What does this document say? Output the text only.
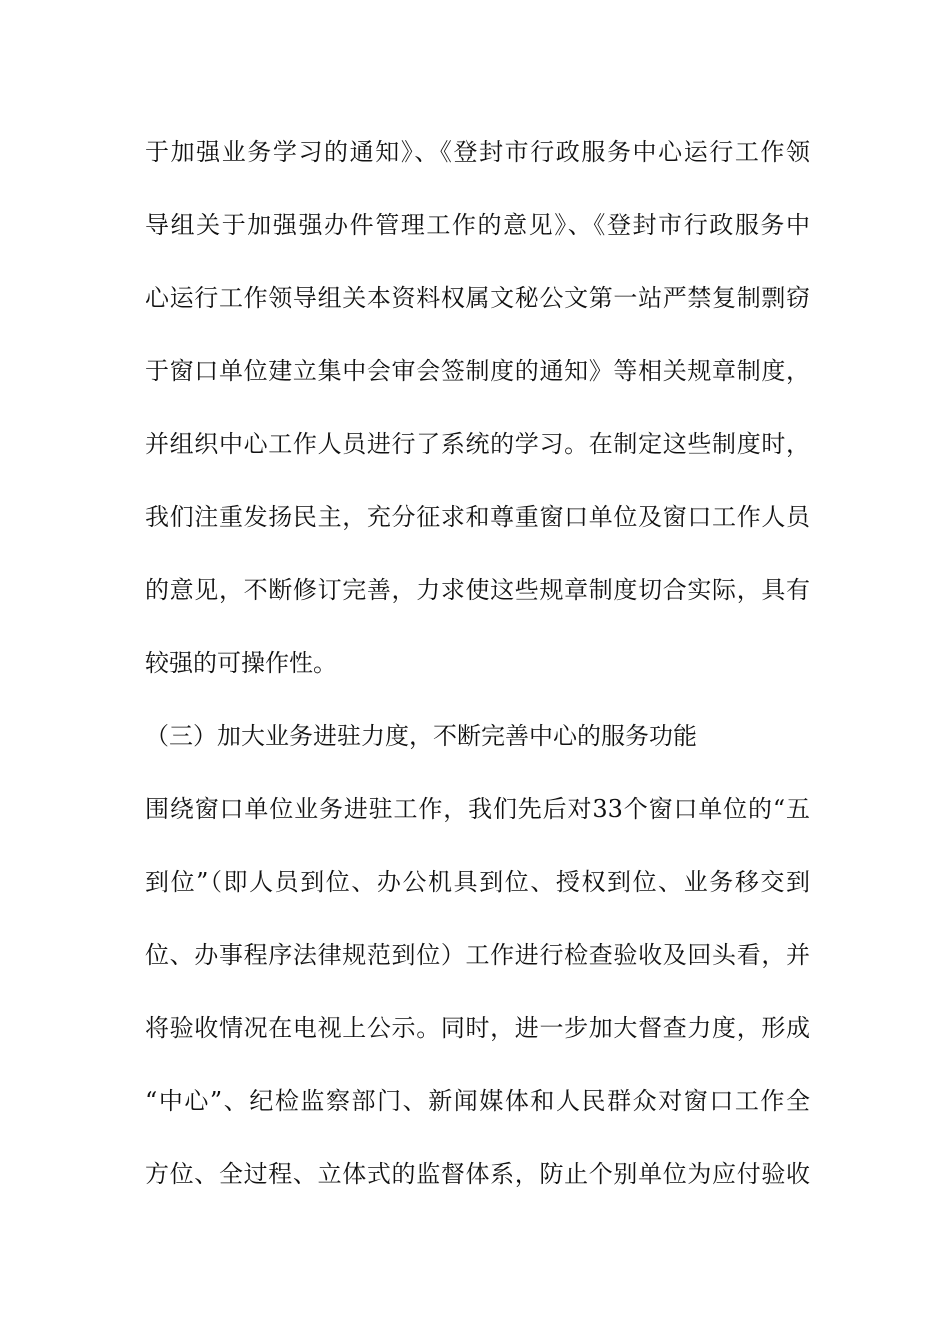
于加强业务学习的通知》、《登封市行政服务中心运行工作领
导组关于加强强办件管理工作的意见》、《登封市行政服务中
心运行工作领导组关本资料权属文秘公文第一站严禁复制剽窃
于窗口单位建立集中会审会签制度的通知》等相关规章制度，
并组织中心工作人员进行了系统的学习。在制定这些制度时，
我们注重发扬民主，充分征求和尊重窗口单位及窗口工作人员
的意见，不断修订完善，力求使这些规章制度切合实际，具有
较强的可操作性。
（三）加大业务进驻力度，不断完善中心的服务功能
围绕窗口单位业务进驻工作，我们先后对33个窗口单位的“五
到位”（即人员到位、办公机具到位、授权到位、业务移交到
位、办事程序法律规范到位）工作进行检查验收及回头看，并
将验收情况在电视上公示。同时，进一步加大督查力度，形成
“中心”、纪检监察部门、新闻媒体和人民群众对窗口工作全
方位、全过程、立体式的监督体系，防止个别单位为应付验收
